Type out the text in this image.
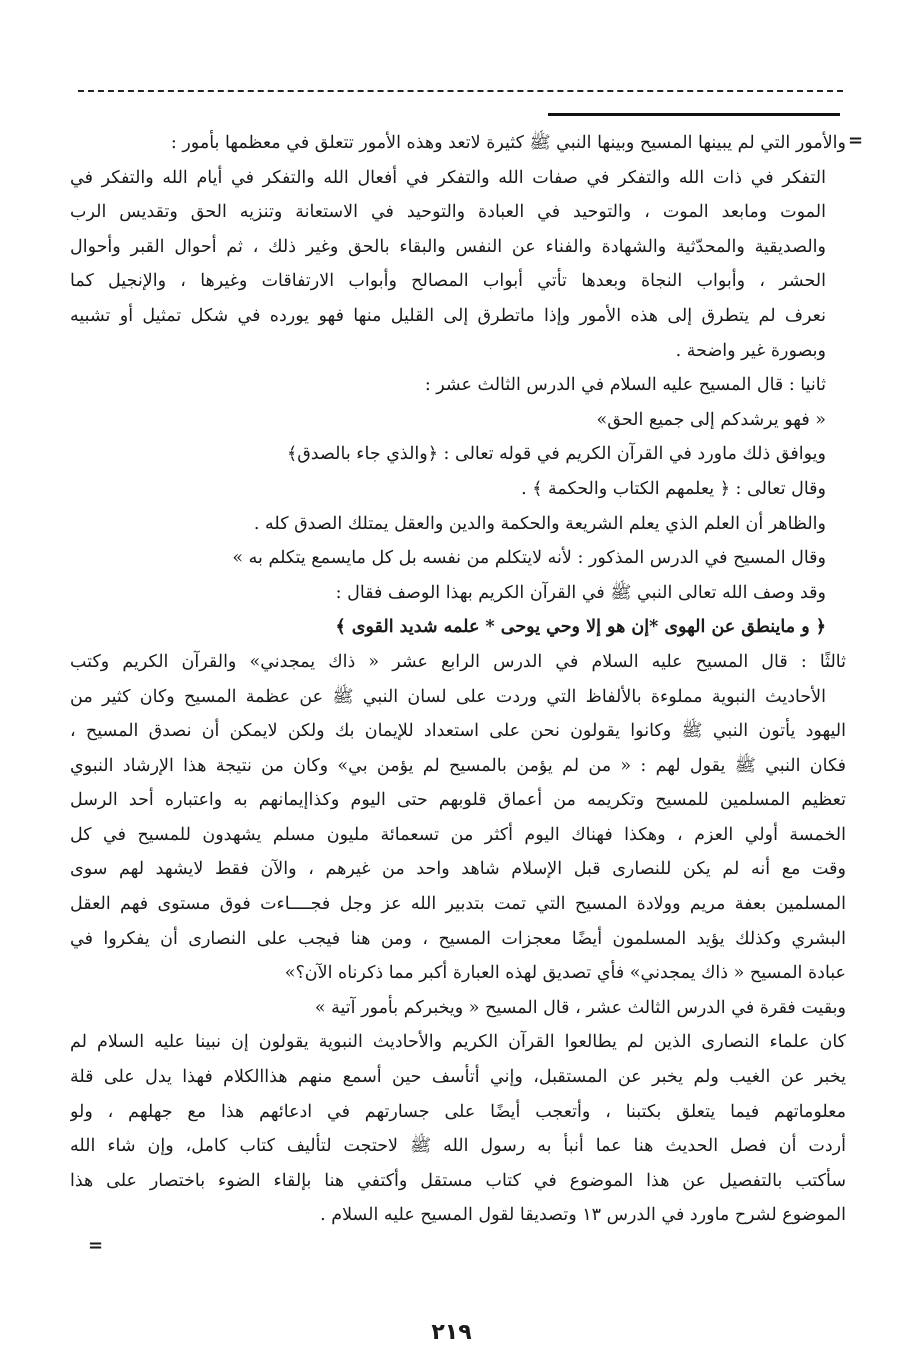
=
والأمور التي لم يبينها المسيح وبينها النبي ﷺ كثيرة لاتعد وهذه الأمور تتعلق في معظمها بأمور :
التفكر في ذات الله والتفكر في صفات الله والتفكر في أفعال الله والتفكر في أيام الله والتفكر في
الموت ومابعد الموت ، والتوحيد في العبادة والتوحيد في الاستعانة وتنزيه الحق وتقديس الرب
والصديقية والمحدّثية والشهادة والفناء عن النفس والبقاء بالحق وغير ذلك ، ثم أحوال القبر وأحوال
الحشر ، وأبواب النجاة وبعدها تأتي أبواب المصالح وأبواب الارتفاقات وغيرها ، والإنجيل كما
نعرف لم يتطرق إلى هذه الأمور وإذا ماتطرق إلى القليل منها فهو يورده في شكل تمثيل أو تشبيه
وبصورة غير واضحة .
ثانيا : قال المسيح عليه السلام في الدرس الثالث عشر :
« فهو يرشدكم إلى جميع الحق»
ويوافق ذلك ماورد في القرآن الكريم في قوله تعالى : ﴿والذي جاء بالصدق﴾
وقال تعالى : ﴿ يعلمهم الكتاب والحكمة ﴾ .
والظاهر أن العلم الذي يعلم الشريعة والحكمة والدين والعقل يمتلك الصدق كله .
وقال المسيح في الدرس المذكور : لأنه لايتكلم من نفسه بل كل مايسمع يتكلم به »
وقد وصف الله تعالى النبي ﷺ في القرآن الكريم بهذا الوصف فقال :
﴿ و ماينطق عن الهوى *إن هو إلا وحي يوحى * علمه شديد القوى ﴾
ثالثًا : قال المسيح عليه السلام في الدرس الرابع عشر « ذاك يمجدني» والقرآن الكريم وكتب
الأحاديث النبوية مملوءة بالألفاظ التي وردت على لسان النبي ﷺ عن عظمة المسيح وكان كثير من
اليهود يأتون النبي ﷺ وكانوا يقولون نحن على استعداد للإيمان بك ولكن لايمكن أن نصدق المسيح ،
فكان النبي ﷺ يقول لهم : « من لم يؤمن بالمسيح لم يؤمن بي» وكان من نتيجة هذا الإرشاد النبوي
تعظيم المسلمين للمسيح وتكريمه من أعماق قلوبهم حتى اليوم وكذاإيمانهم به واعتباره أحد الرسل
الخمسة أولي العزم ، وهكذا فهناك اليوم أكثر من تسعمائة مليون مسلم يشهدون للمسيح في كل
وقت مع أنه لم يكن للنصارى قبل الإسلام شاهد واحد من غيرهم ، والآن فقط لايشهد لهم سوى
المسلمين بعفة مريم وولادة المسيح التي تمت بتدبير الله عز وجل فجــــاءت فوق مستوى فهم العقل
البشري وكذلك يؤيد المسلمون أيضًا معجزات المسيح ، ومن هنا فيجب على النصارى أن يفكروا في
عبادة المسيح « ذاك يمجدني» فأي تصديق لهذه العبارة أكبر مما ذكرناه الآن؟»
وبقيت فقرة في الدرس الثالث عشر ، قال المسيح « ويخبركم بأمور آتية »
كان علماء النصارى الذين لم يطالعوا القرآن الكريم والأحاديث النبوية يقولون إن نبينا عليه السلام لم
يخبر عن الغيب ولم يخبر عن المستقبل، وإني أتأسف حين أسمع منهم هذاالكلام فهذا يدل على قلة
معلوماتهم فيما يتعلق بكتبنا ، وأتعجب أيضًا على جسارتهم في ادعائهم هذا مع جهلهم ، ولو
أردت أن فصل الحديث هنا عما أنبأ به رسول الله ﷺ لاحتجت لتأليف كتاب كامل، وإن شاء الله
سأكتب بالتفصيل عن هذا الموضوع في كتاب مستقل وأكتفي هنا بإلقاء الضوء باختصار على هذا
الموضوع لشرح ماورد في الدرس ١٣ وتصديقا لقول المسيح عليه السلام .
=
٢١٩
